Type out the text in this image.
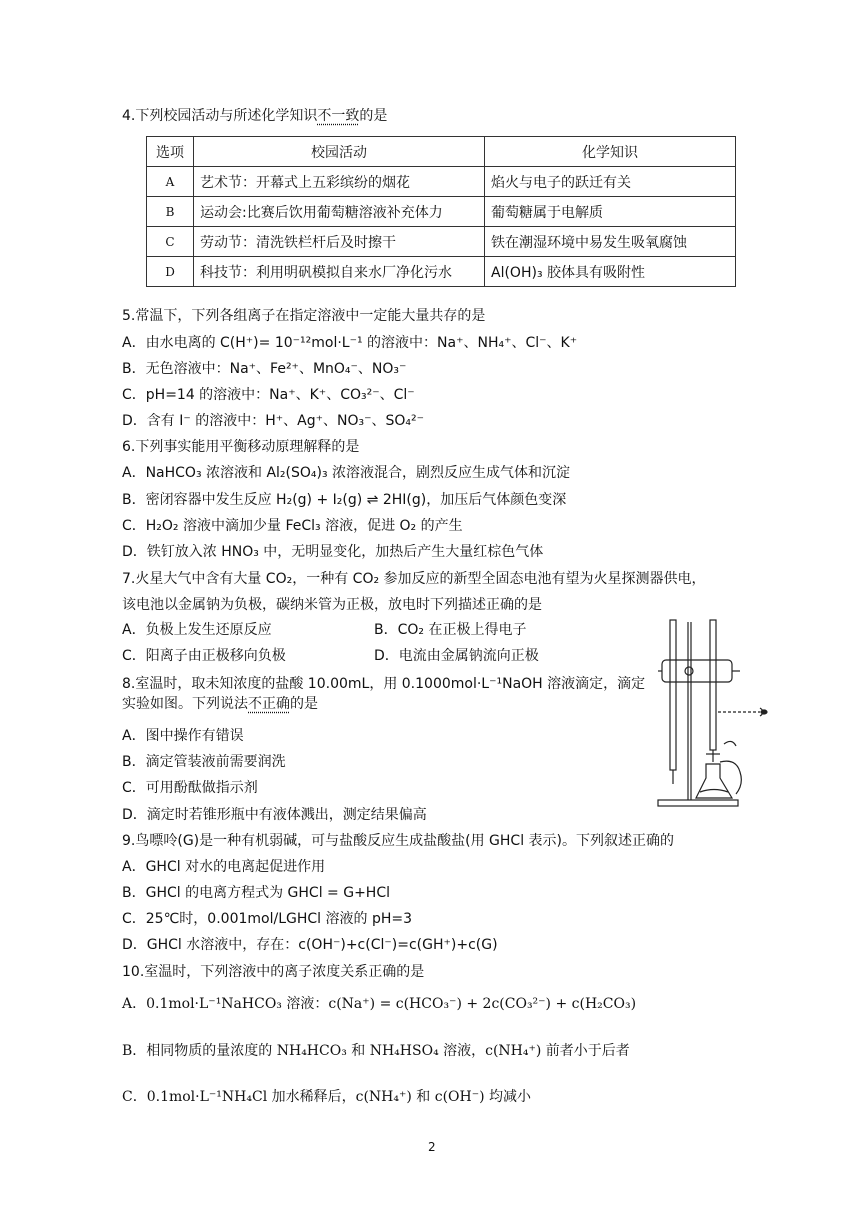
4.下列校园活动与所述化学知识不一致的是
选项	校园活动	化学知识
A	艺术节：开幕式上五彩缤纷的烟花	焰火与电子的跃迁有关
B	运动会:比赛后饮用葡萄糖溶液补充体力	葡萄糖属于电解质
C	劳动节：清洗铁栏杆后及时擦干	铁在潮湿环境中易发生吸氧腐蚀
D	科技节：利用明矾模拟自来水厂净化污水	Al(OH)₃ 胶体具有吸附性
5.常温下，下列各组离子在指定溶液中一定能大量共存的是
A．由水电离的 C(H⁺)= 10⁻¹²mol·L⁻¹ 的溶液中：Na⁺、NH₄⁺、Cl⁻、K⁺
B．无色溶液中：Na⁺、Fe²⁺、MnO₄⁻、NO₃⁻
C．pH=14 的溶液中：Na⁺、K⁺、CO₃²⁻、Cl⁻
D．含有 I⁻ 的溶液中：H⁺、Ag⁺、NO₃⁻、SO₄²⁻
6.下列事实能用平衡移动原理解释的是
A．NaHCO₃ 浓溶液和 Al₂(SO₄)₃ 浓溶液混合，剧烈反应生成气体和沉淀
B．密闭容器中发生反应 H₂(g) + I₂(g) ⇌ 2HI(g)，加压后气体颜色变深
C．H₂O₂ 溶液中滴加少量 FeCl₃ 溶液，促进 O₂ 的产生
D．铁钉放入浓 HNO₃ 中，无明显变化，加热后产生大量红棕色气体
7.火星大气中含有大量 CO₂，一种有 CO₂ 参加反应的新型全固态电池有望为火星探测器供电，
该电池以金属钠为负极，碳纳米管为正极，放电时下列描述正确的是
A．负极上发生还原反应	B．CO₂ 在正极上得电子
C．阳离子由正极移向负极	D．电流由金属钠流向正极
8.室温时，取未知浓度的盐酸 10.00mL，用 0.1000mol·L⁻¹NaOH 溶液滴定，滴定
实验如图。下列说法不正确的是
A．图中操作有错误
B．滴定管装液前需要润洗
C．可用酚酞做指示剂
D．滴定时若锥形瓶中有液体溅出，测定结果偏高
9.鸟嘌呤(G)是一种有机弱碱，可与盐酸反应生成盐酸盐(用 GHCl 表示)。下列叙述正确的
A．GHCl 对水的电离起促进作用
B．GHCl 的电离方程式为 GHCl = G+HCl
C．25℃时，0.001mol/LGHCl 溶液的 pH=3
D．GHCl 水溶液中，存在：c(OH⁻)+c(Cl⁻)=c(GH⁺)+c(G)
10.室温时，下列溶液中的离子浓度关系正确的是
A．0.1mol·L⁻¹NaHCO₃ 溶液：c(Na⁺) = c(HCO₃⁻) + 2c(CO₃²⁻) + c(H₂CO₃)
B．相同物质的量浓度的 NH₄HCO₃ 和 NH₄HSO₄ 溶液，c(NH₄⁺) 前者小于后者
C．0.1mol·L⁻¹NH₄Cl 加水稀释后，c(NH₄⁺) 和 c(OH⁻) 均减小
2
